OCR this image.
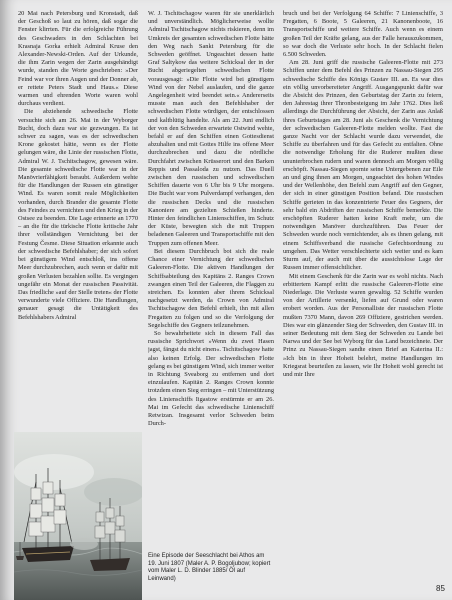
20 Mai nach Petersburg und Kronstadt, daß der Geschoß so laut zu hören, daß sogar die Fenster klirrten. Für die erfolgreiche Führung des Geschwaders in den Schlachten bei Krasnaja Gorka erhielt Admiral Kruse den Alexander-Newski-Orden. Auf der Urkunde, die ihm Zarin wegen der Zarin ausgehändigt wurde, standen die Worte geschrieben: »Der Feind war vor ihren Augen und der Donner ab, er rettete Peters Stadt und Haus.« Diese warmen und ehrenden Worte waren wohl durchaus verdient.

Die abziehende schwedische Flotte versuchte sich am 26. Mai in der Wyborger Bucht, doch dazu war sie gezwungen. Es ist schwer zu sagen, was es der schwedischen Krone gekostet hätte, wenn es der Flotte gelungen wäre, die Linie der russischen Flotte, Admiral W. J. Tschitschagow, gewesen wäre. Die gesamte schwedische Flotte war in der Manövrierfähigkeit beraubt. Außerdem wehte für die Handlungen der Russen ein günstiger Wind. Es waren somit reale Möglichkeiten vorhanden, durch Brander die gesamte Flotte des Feindes zu vernichten und den Krieg in der Ostsee zu beenden. Die Lage erinnerte an 1770 – an die für die türkische Flotte kritische Jahr ihrer vollständigen Vernichtung bei der Festung Česme. Diese Situation erkannte auch der schwedische Befehlshaber; der sich sofort bei günstigem Wind entschloß, ins offene Meer durchzubrechen, auch wenn er dafür mit großen Verlusten bezahlen sollte. Es vergingen ungefähr ein Monat der russischen Passivität. Das friedliche »auf der Stelle treten« der Flotte verwunderte viele Offiziere. Die Handlungen, genauer gesagt die Untätigkeit des Befehlshabers Admiral

W. J. Tschitschagow waren für sie unerklärlich und unverständlich. Möglicherweise wollte Admiral Tschitschagow nichts riskieren, denn im Umkreis der gesamten schwedischen Flotte hätte den Weg nach Sankt Petersburg für die Schweden geöffnet. Ungeachtet dessen hatte Graf Saltykow das weitere Schicksal der in der Bucht abgeriegelten schwedischen Flotte vorausgesagt: »Die Flotte wird bei günstigem Wind von der Nebel auslaufen, und die ganze Angelegenheit wird beendet sein.« Andererseits musste man auch den Befehlshaber der schwedischen Flotte würdigen, der entschlossen und kaltblütig handelte. Als am 22. Juni endlich der von den Schweden erwartete Ostwind wehte, befahl er auf den Schiffen einen Gottesdienst abzuhalten und mit Gottes Hilfe ins offene Meer durchzubrechen und dazu die nördliche Durchfahrt zwischen Krüsserort und den Barken Reppis und Passaloda zu nutzen. Das Duell zwischen den russischen und schwedischen Schiffen dauerte von 6 Uhr bis 9 Uhr morgens. Die Bucht war vom Pulverdampf verhangen, den die russischen Decks und die russischen Kanoniere am gezielten Schießen hinderte. Hinter den feindlichen Linienschiffen, im Schutz der Küste, bewegten sich die mit Truppen beladenen Galeeren und Transportschiffe mit den Truppen zum offenen Meer.

Bei diesem Durchbruch bot sich die reale Chance einer Vernichtung der schwedischen Galeeren-Flotte. Die aktiven Handlungen der Schiffsabteilung des Kapitäns 2. Ranges Crown zwangen einen Teil der Galeeren, die Flaggen zu streichen. Es konnten aber ihrem Schicksal nachgesetzt werden, da Crown von Admiral Tschitschagow den Befehl erhielt, ihn mit allen Fregatten zu folgen und so die Verfolgung der Segelschiffe des Gegners teilzunehmen.

So bewahrheitete sich in diesem Fall das russische Sprichwort »Wenn du zwei Hasen jagst, fängst du nicht einen«. Tschitschagow hatte also keinen Erfolg. Der schwedischen Flotte gelang es bei günstigem Wind, sich immer weiter in Richtung Sveaborg zu entfernen und dort einzulaufen. Kapitän 2. Ranges Crown konnte trotzdem einen Sieg erringen – mit Unterstützung des Linienschiffs Iigastow erstürmte er am 26. Mai im Gefecht das schwedische Linienschiff Retwizan. Insgesamt verlor Schweden beim Durch-

bruch und bei der Verfolgung 64 Schiffe: 7 Linienschiffe, 3 Fregatten, 6 Boote, 5 Galeeren, 21 Kanonenboote, 16 Transportschiffe und weitere Schiffe. Auch wenn es einem großen Teil der Kräfte gelang, aus der Falle herauszukommen, so war doch die Verluste sehr hoch. In der Schlacht fielen 6.500 Schweden.

Am 28. Juni griff die russische Galeeren-Flotte mit 273 Schiffen unter dem Befehl des Prinzen zu Nassau-Siegen 295 schwedische Schiffe des Königs Gustav III. an. Es war dies ein völlig unvorbereiteter Angriff. Ausgangspunkt dafür war die Absicht des Prinzen, den Geburtstag der Zarin zu feiern, den Jahrestag ihrer Thronbesteigung im Jahr 1762. Dies ließ allerdings die Durchführung der Absicht, der Zarin aus Anlaß ihres Geburtstages am 28. Juni als Geschenk die Vernichtung der schwedischen Galeeren-Flotte melden wollte. Fast die ganze Nacht vor der Schlacht wurde dazu verwendet, die Schiffe zu überfahren und für das Gefecht zu entfalten. Ohne die notwendige Erholung für die Ruderer mußten diese ununterbrochen rudern und waren dennoch am Morgen völlig erschöpft. Nassau-Siegen spornte seine Untergebenen zur Eile an und ging ihnen am Morgen, ungeachtet des hohen Windes und der Wellenhöhe, den Befehl zum Angriff auf den Gegner, der sich in einer günstigen Position befand. Die russischen Schiffe gerieten in das konzentrierte Feuer des Gegners, der sehr bald ein Abdriften der russischen Schiffe bemerkte. Die erschöpften Ruderer hatten keine Kraft mehr, um die notwendigen Manöver durchzuführen. Das Feuer der Schweden wurde noch vernichtender, als es ihnen gelang, mit einem Schiffsverband die russische Gefechtsordnung zu umgehen. Das Wetter verschlechterte sich weiter und es kam Sturm auf, der auch mit über die aussichtslose Lage der Russen immer offensichtlicher.

Mit einem Geschenk für die Zarin war es wohl nichts. Nach erbittertem Kampf erlitt die russische Galeeren-Flotte eine Niederlage. Die Verluste waren gewaltig. 52 Schiffe wurden von der Artillerie versenkt, liefen auf Grund oder waren erobert worden. Aus der Personalliste der russischen Flotte mußten 7370 Mann, davon 269 Offiziere, gestrichen werden. Dies war ein glänzender Sieg der Schweden, den Gustav III. in seiner Bedeutung mit dem Sieg der Schweden zu Lande bei Narwa und der See bei Wyborg für das Land bezeichnete. Der Prinz zu Nassau-Siegen sandte einen Brief an Katerina II.: »Ich bin in ihrer Hoheit belehrt, meine Handlungen im Kriegsrat beurteilen zu lassen, wie Ihr Hoheit wohl gerecht ist und mir Ihre

Eine Episode der Seeschlacht bei Athos am 19. Juni 1807 (Maler A. P. Bogoljubow; kopiert vom Maler L. D. Blinder 1885/ Öl auf Leinwand)

85
